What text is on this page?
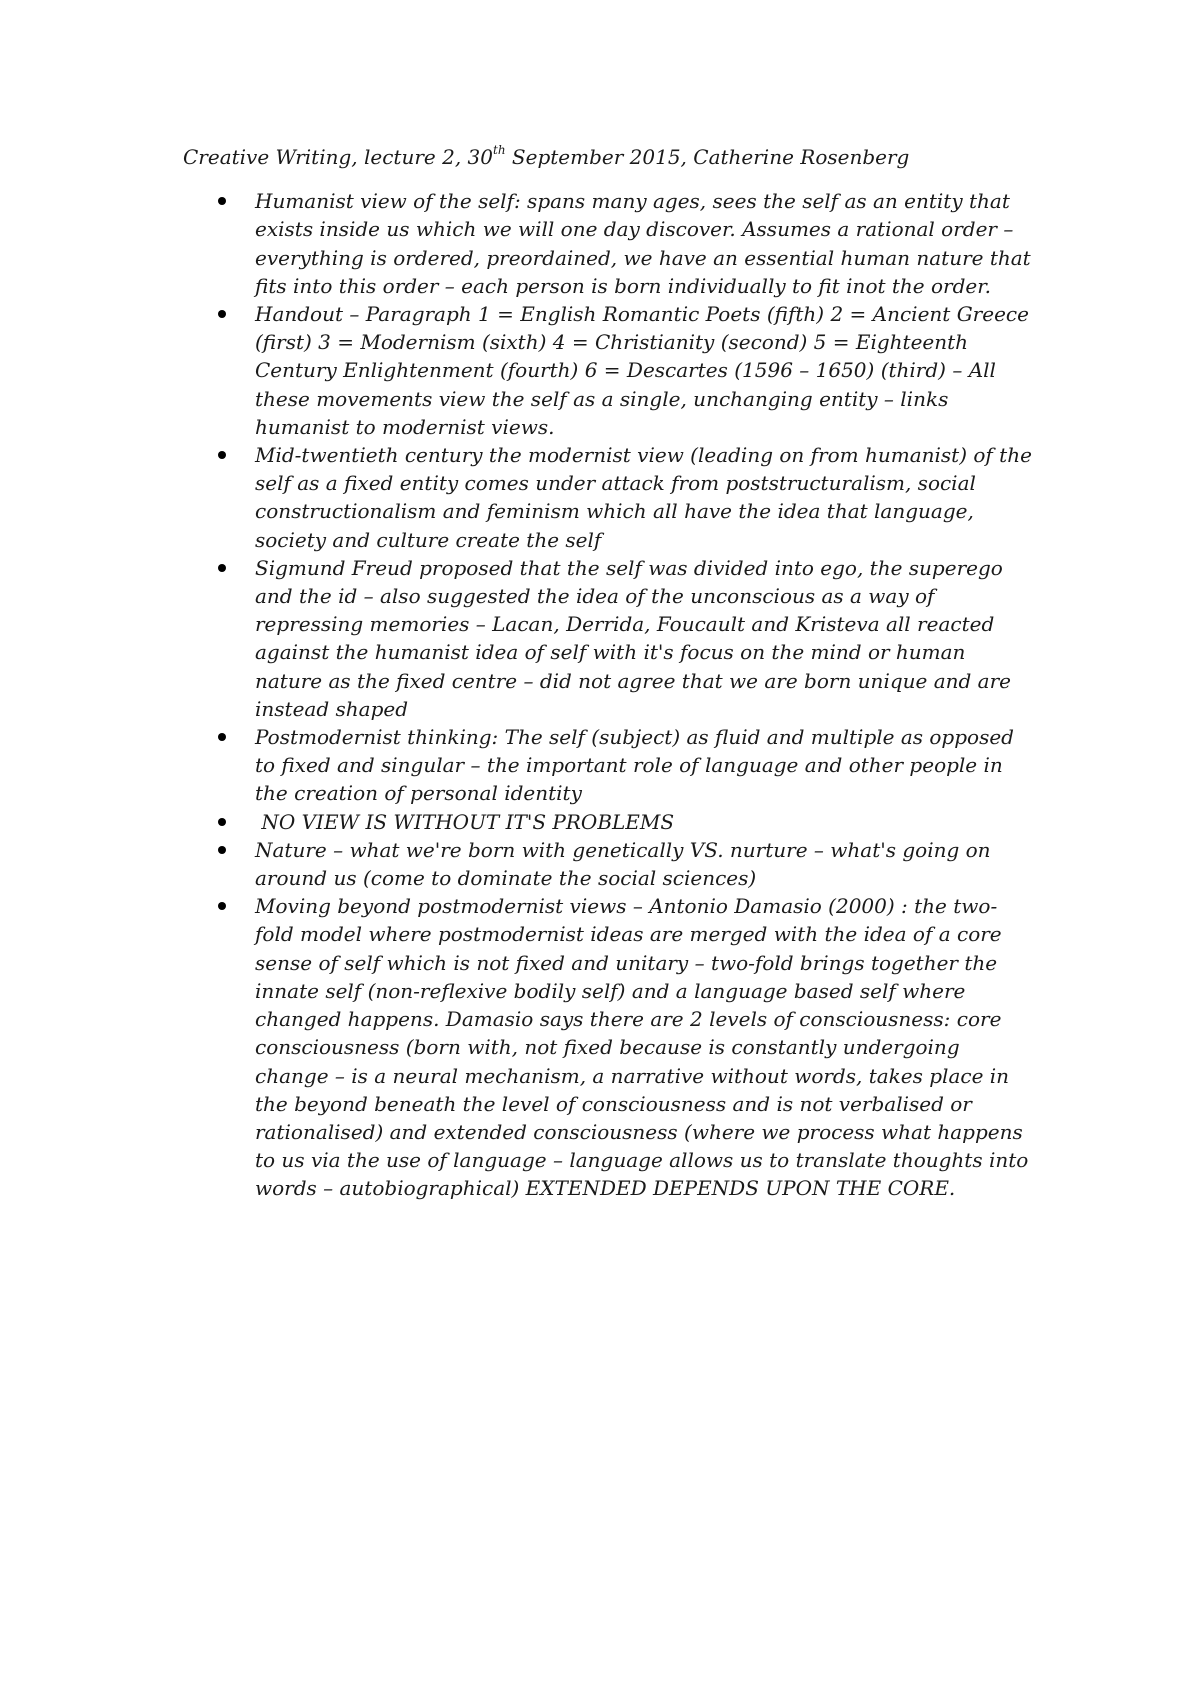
Creative Writing, lecture 2, 30th September 2015, Catherine Rosenberg

Humanist view of the self: spans many ages, sees the self as an entity that exists inside us which we will one day discover. Assumes a rational order – everything is ordered, preordained, we have an essential human nature that fits into this order – each person is born individually to fit inot the order.
Handout – Paragraph 1 = English Romantic Poets (fifth) 2 = Ancient Greece (first) 3 = Modernism (sixth) 4 = Christianity (second) 5 = Eighteenth Century Enlightenment (fourth) 6 = Descartes (1596 – 1650) (third) – All these movements view the self as a single, unchanging entity – links humanist to modernist views.
Mid-twentieth century the modernist view (leading on from humanist) of the self as a fixed entity comes under attack from poststructuralism, social constructionalism and feminism which all have the idea that language, society and culture create the self
Sigmund Freud proposed that the self was divided into ego, the superego and the id – also suggested the idea of the unconscious as a way of repressing memories – Lacan, Derrida, Foucault and Kristeva all reacted against the humanist idea of self with it's focus on the mind or human nature as the fixed centre – did not agree that we are born unique and are instead shaped
Postmodernist thinking: The self (subject) as fluid and multiple as opposed to fixed and singular – the important role of language and other people in the creation of personal identity
NO VIEW IS WITHOUT IT'S PROBLEMS
Nature – what we're born with genetically VS. nurture – what's going on around us (come to dominate the social sciences)
Moving beyond postmodernist views – Antonio Damasio (2000) : the two-fold model where postmodernist ideas are merged with the idea of a core sense of self which is not fixed and unitary – two-fold brings together the innate self (non-reflexive bodily self) and a language based self where changed happens. Damasio says there are 2 levels of consciousness: core consciousness (born with, not fixed because is constantly undergoing change – is a neural mechanism, a narrative without words, takes place in the beyond beneath the level of consciousness and is not verbalised or rationalised) and extended consciousness (where we process what happens to us via the use of language – language allows us to translate thoughts into words – autobiographical) EXTENDED DEPENDS UPON THE CORE.
